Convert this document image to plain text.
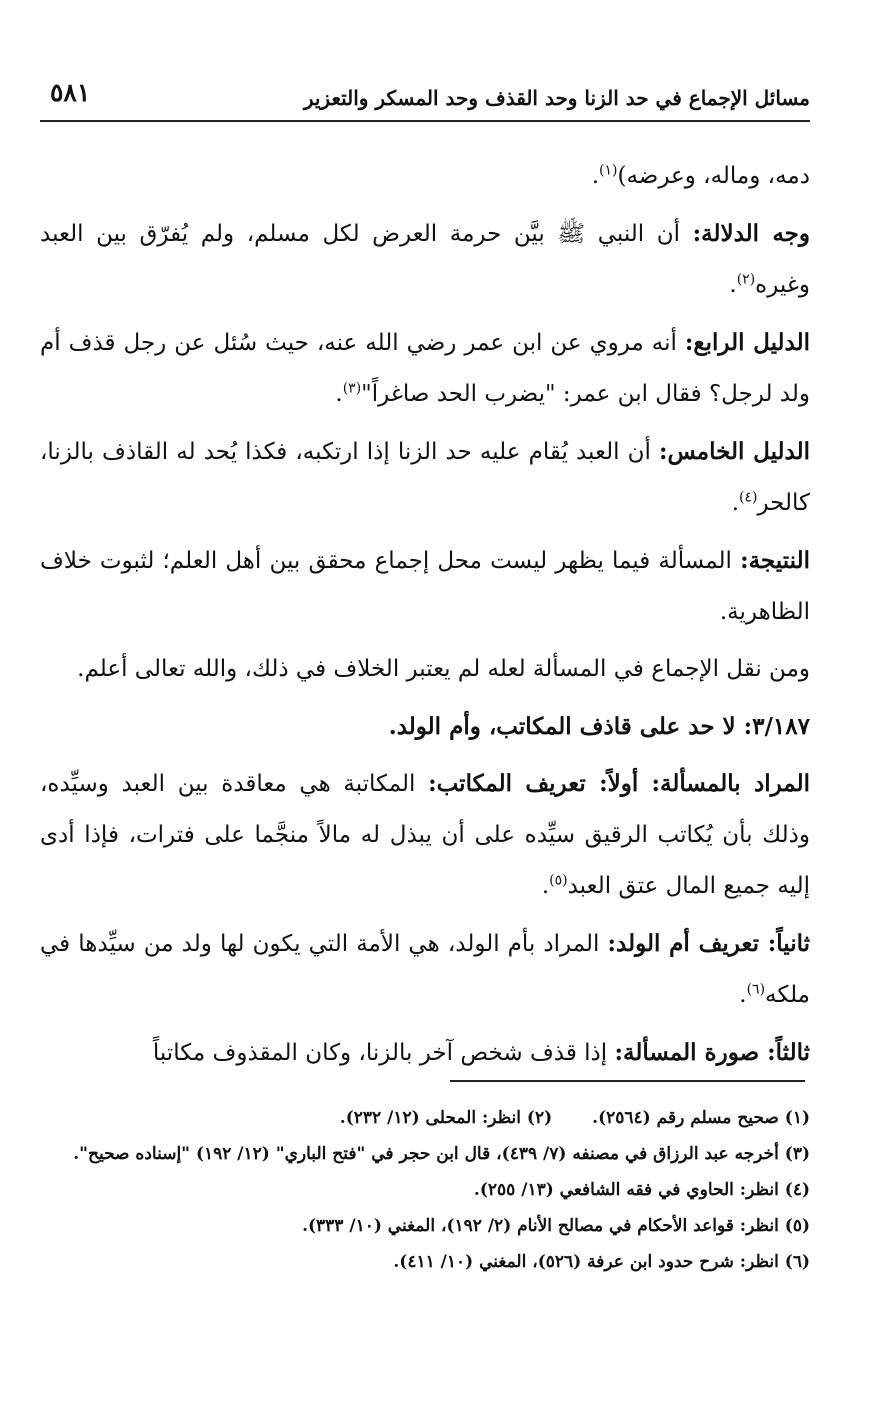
٥٨١	مسائل الإجماع في حد الزنا وحد القذف وحد المسكر والتعزير

دمه، وماله، وعرضه)$^{(١)}$.

وجه الدلالة: أن النبي ﷺ بيَّن حرمة العرض لكل مسلم، ولم يُفرّق بين العبد وغيره$^{(٢)}$.

الدليل الرابع: أنه مروي عن ابن عمر رضي الله عنه، حيث سُئل عن رجل قذف أم ولد لرجل؟ فقال ابن عمر: "يضرب الحد صاغراً"$^{(٣)}$.

الدليل الخامس: أن العبد يُقام عليه حد الزنا إذا ارتكبه، فكذا يُحد له القاذف بالزنا، كالحر$^{(٤)}$.

النتيجة: المسألة فيما يظهر ليست محل إجماع محقق بين أهل العلم؛ لثبوت خلاف الظاهرية.

ومن نقل الإجماع في المسألة لعله لم يعتبر الخلاف في ذلك، والله تعالى أعلم.

٣/١٨٧: لا حد على قاذف المكاتب، وأم الولد.

المراد بالمسألة: أولاً: تعريف المكاتب: المكاتبة هي معاقدة بين العبد وسيِّده، وذلك بأن يُكاتب الرقيق سيِّده على أن يبذل له مالاً منجَّما على فترات، فإذا أدى إليه جميع المال عتق العبد$^{(٥)}$.

ثانياً: تعريف أم الولد: المراد بأم الولد، هي الأمة التي يكون لها ولد من سيِّدها في ملكه$^{(٦)}$.

ثالثاً: صورة المسألة: إذا قذف شخص آخر بالزنا، وكان المقذوف مكاتباً

(١) صحيح مسلم رقم (٢٥٦٤).
(٢) انظر: المحلى (١٢/ ٢٣٢).
(٣) أخرجه عبد الرزاق في مصنفه (٧/ ٤٣٩)، قال ابن حجر في "فتح الباري" (١٢/ ١٩٢) "إسناده صحيح".
(٤) انظر: الحاوي في فقه الشافعي (١٣/ ٢٥٥).
(٥) انظر: قواعد الأحكام في مصالح الأنام (٢/ ١٩٢)، المغني (١٠/ ٣٣٣).
(٦) انظر: شرح حدود ابن عرفة (٥٢٦)، المغني (١٠/ ٤١١).
